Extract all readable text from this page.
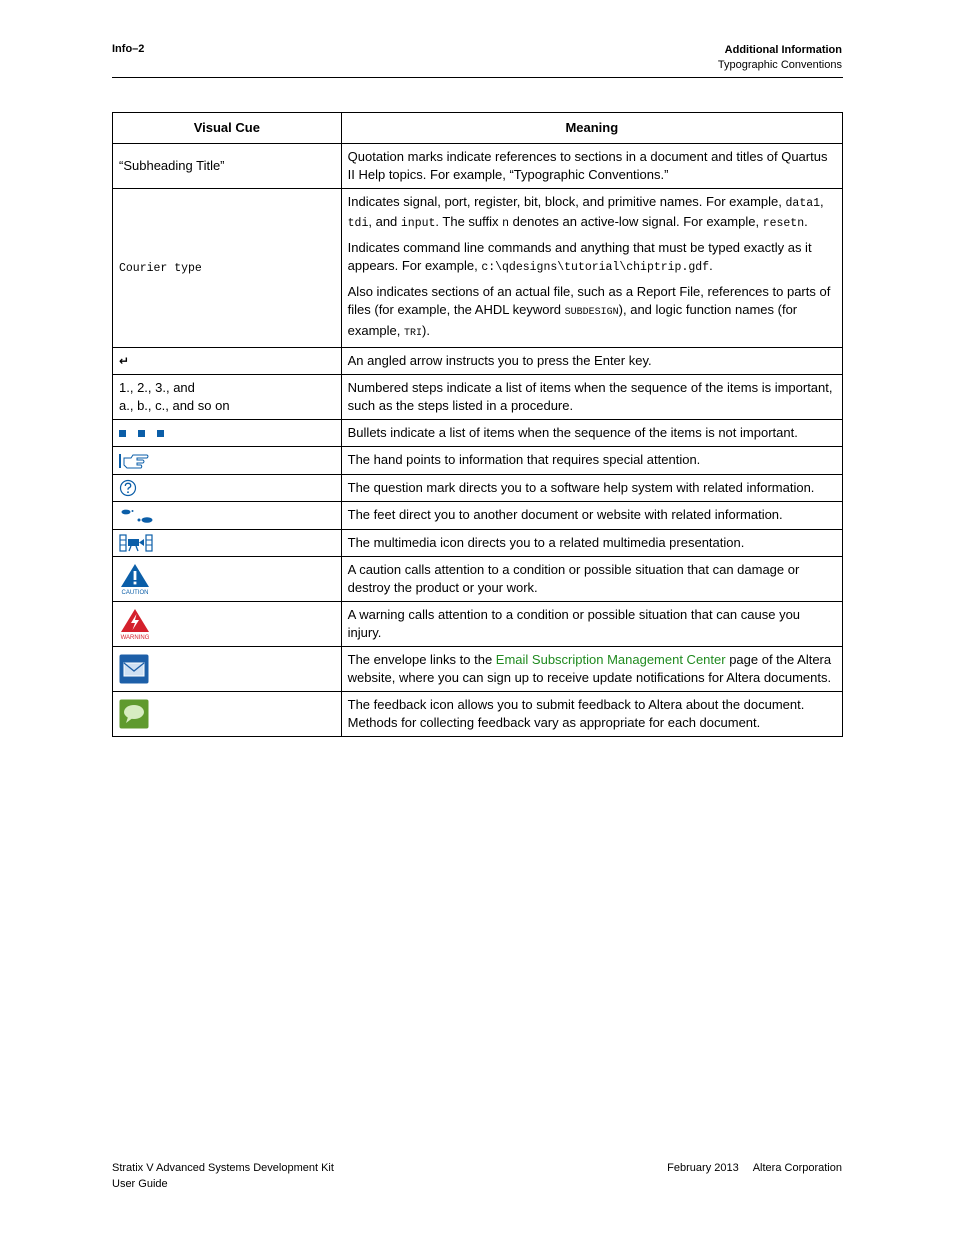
Info–2	Additional Information
Typographic Conventions
Visual Cue	Meaning
“Subheading Title”	Quotation marks indicate references to sections in a document and titles of Quartus II Help topics. For example, “Typographic Conventions.”
Courier type	Indicates signal, port, register, bit, block, and primitive names. For example, data1, tdi, and input. The suffix n denotes an active-low signal. For example, resetn.

Indicates command line commands and anything that must be typed exactly as it appears. For example, c:\qdesigns\tutorial\chiptrip.gdf.

Also indicates sections of an actual file, such as a Report File, references to parts of files (for example, the AHDL keyword SUBDESIGN), and logic function names (for example, TRI).

↵	An angled arrow instructs you to press the Enter key.

1., 2., 3., and
a., b., c., and so on	Numbered steps indicate a list of items when the sequence of the items is important, such as the steps listed in a procedure.
	Bullets indicate a list of items when the sequence of the items is not important.
	The hand points to information that requires special attention.
	The question mark directs you to a software help system with related information.
	The feet direct you to another document or website with related information.
	The multimedia icon directs you to a related multimedia presentation.

CAUTION	A caution calls attention to a condition or possible situation that can damage or destroy the product or your work.

WARNING	A warning calls attention to a condition or possible situation that can cause you injury.
	The envelope links to the Email Subscription Management Center page of the Altera website, where you can sign up to receive update notifications for Altera documents.
	The feedback icon allows you to submit feedback to Altera about the document. Methods for collecting feedback vary as appropriate for each document.
Stratix V Advanced Systems Development Kit
User Guide
February 2013 Altera Corporation
